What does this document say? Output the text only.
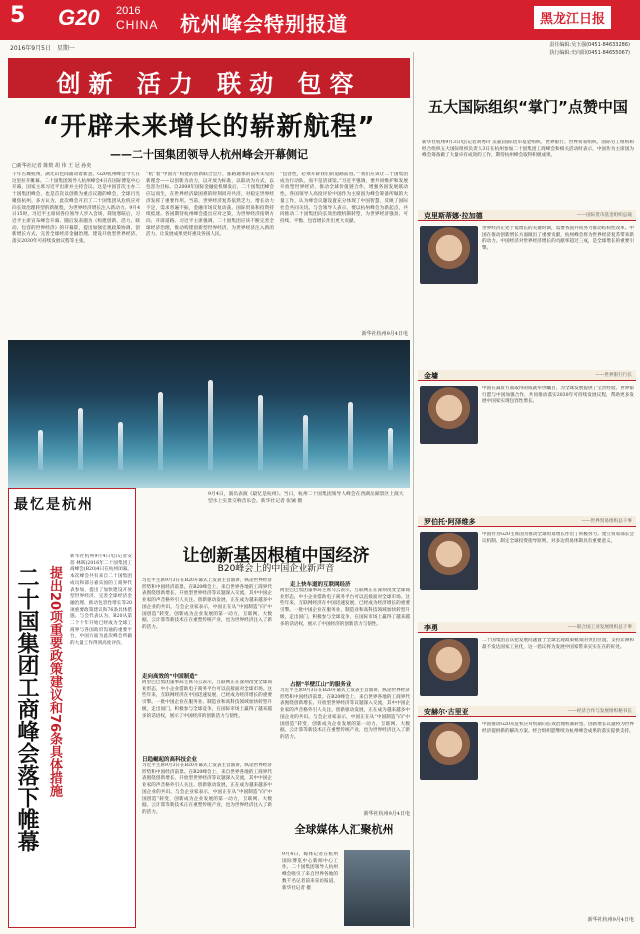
5 G20 2016
CHINA 杭州峰会特别报道	黑龙江日报
2016年9月5日　星期一	责任编辑:吴玉强(0451-84633286)
执行编辑:史向阳(0451-84655067)
创新 活力 联动 包容
“开辟未来增长的崭新航程”
——二十国集团领导人杭州峰会开幕侧记
□新华社记者 陈贽 胡 伟 王 冠 孙奕
千年古城杭州，湖光山色间涌动着新意，G20杭州峰会今天在这里拉开帷幕。二十国集团领导人杭州峰会4日在国际博览中心开幕，国家主席习近平出席并主持会议。这是中国首次主办二十国集团峰会，也是首次以创新为重点议题的峰会，全球目光聚焦杭州。多方认为，此次峰会开启了二十国集团从危机应对向长效治理转型的新航程，为世界经济增长注入新动力。9月4日15时，习近平主席同各位领导人步入会场，简短寒暄后，习近平主席宣布峰会开幕，随后发表题为《构建创新、活力、联动、包容的世界经济》的开幕辞，提出加强宏观政策协调、创新增长方式、完善全球经济金融治理、建设开放型世界经济、落实2030年可持续发展议程等主张。
“杭”着“中国方”构建的创新联合会厅，都路通承的前所未见的新理念——以创新为动力，以开放为标准，以联动为方式，以包容为目标。自2008年国际金融危机爆发后，二十国集团峰会应运而生，在世界经济最困难的时刻同舟共济，对稳定世界经济发挥了重要作用。当前，世界经济复苏依然乏力，增长动力不足，需求普遍不振，金融市场反复动荡，国际贸易和投资持续低迷。各国期待杭州峰会提出应对之策，为世界经济指明方向、开辟道路。习近平主席强调，二十国集团应该不断完善全球经济治理，推动构建创新型世界经济，为世界经济注入新的活力，让发展成果更好惠及各国人民。
“包容性，必须开辟我们的道路前进。”“我们应该让二十国集团成为行动队，而不是清谈馆。”习近平强调，要共同维护和发展开放型世界经济，推动全球价值链合作，增强各国发展联动性。各国领导人高度评价中国作为主席国为峰会筹备所做的大量工作，认为峰会议题设置充分体现了中国智慧，反映了国际社会共同关切。与会领导人表示，要以杭州峰会为新起点，共同推动二十国集团向长效治理机制转型，为世界经济强劲、可持续、平衡、包容增长作出更大贡献。
新华社杭州9月4日电
9月4日，演员表演《最忆是杭州》。当日，杭州二十国集团领导人峰会在西湖岳湖景区上演大型水上实景交响音乐会。新华社记者 张铖 摄
最忆是杭州
二十国集团工商峰会落下帷幕 提出20项重要政策建议和76条具体措施
新华社杭州9月4日电(记者安蓓 林晖)2016年二十国集团工商峰会(B20)4日在杭州闭幕。本次峰会共有来自二十国集团成员和部分嘉宾国的工商界代表参加，提出了加快建设开放型世界经济、完善全球经济金融治理、推动包容性增长等20项重要政策建议和76条具体措施。与会代表认为，B20从第二个十年开始已经成为全球工商界与各国政府沟通的重要平台，中国方面为此次峰会所做的大量工作得到高度评价。
让创新基因根植中国经济
B20峰会上的中国企业新声音
习近平主席9月3日在B20开幕式上发表主旨演讲，纵论世界经济形势和中国经济前景。在B20峰会上，来自世界各地的工商界代表围绕创新增长、开放型世界经济等议题深入交流，其中中国企业家的声音格外引人关注。创新驱动发展，正在成为越来越多中国企业的共识。与会企业家表示，中国正在从“中国制造”向“中国创造”转变，创新成为企业发展的第一动力，互联网、大数据、云计算等新技术正在重塑传统产业，也为世界经济注入了新的活力。
走向高效的“中国制造”
阿里巴巴集团董事局主席马云表示，互联网正在深刻改变全球商业形态，中小企业借助电子商务平台可以直接面对全球市场。这些年来，互联网经济在中国迅速发展，已经成为经济增长的重要引擎。一批中国企业在服务业、制造业和高科技领域加快转型升级，走出国门，积极参与全球竞争，在国际市场上赢得了越来越多的话语权，展示了中国经济的创新活力与韧性。
日趋崛起的高科技企业
习近平主席9月3日在B20开幕式上发表主旨演讲，纵论世界经济形势和中国经济前景。在B20峰会上，来自世界各地的工商界代表围绕创新增长、开放型世界经济等议题深入交流，其中中国企业家的声音格外引人关注。创新驱动发展，正在成为越来越多中国企业的共识。与会企业家表示，中国正在从“中国制造”向“中国创造”转变，创新成为企业发展的第一动力，互联网、大数据、云计算等新技术正在重塑传统产业，也为世界经济注入了新的活力。
走上快车道的互联网经济
阿里巴巴集团董事局主席马云表示，互联网正在深刻改变全球商业形态，中小企业借助电子商务平台可以直接面对全球市场。这些年来，互联网经济在中国迅速发展，已经成为经济增长的重要引擎。一批中国企业在服务业、制造业和高科技领域加快转型升级，走出国门，积极参与全球竞争，在国际市场上赢得了越来越多的话语权，展示了中国经济的创新活力与韧性。
占据“半壁江山”的服务业
习近平主席9月3日在B20开幕式上发表主旨演讲，纵论世界经济形势和中国经济前景。在B20峰会上，来自世界各地的工商界代表围绕创新增长、开放型世界经济等议题深入交流，其中中国企业家的声音格外引人关注。创新驱动发展，正在成为越来越多中国企业的共识。与会企业家表示，中国正在从“中国制造”向“中国创造”转变，创新成为企业发展的第一动力，互联网、大数据、云计算等新技术正在重塑传统产业，也为世界经济注入了新的活力。
新华社杭州9月4日电
全球媒体人汇聚杭州
9月4日，媒体记者在杭州国际博览中心新闻中心工作。二十国集团领导人杭州峰会吸引了来自世界各地的数千名记者前来采访报道。新华社记者 摄
五大国际组织“掌门”点赞中国
新华社杭州9月3日电(记者刘秀玲 吴嘉)国际货币基金组织、世界银行、世界贸易组织、国际劳工组织和经合组织五大国际组织负责人3日在杭州参加二十国集团工商峰会和相关活动时表示，中国作为主席国为峰会筹备做了大量卓有成效的工作，期待杭州峰会取得积极成果。
克里斯蒂娜·拉加德	——国际货币基金组织总裁
世界经济正处于低增长的关键时期，需要各国共同努力推动结构性改革。中国在推动创新增长方面做出了重要贡献，杭州峰会将为世界经济复苏带来新的动力。中国经济对世界经济增长的贡献率超过三成，是全球增长的重要引擎。
金墉	——世界银行行长
中国在减贫方面取得的成就举世瞩目，为全球发展提供了宝贵经验。世界银行愿与中国加强合作，共同推动落实2030年可持续发展议程，帮助更多发展中国家实现包容性增长。
罗伯托·阿泽维多	——世界贸易组织总干事
中国作为G20主席国为推动全球贸易增长作出了积极努力。建立贸易部长会议机制、制定全球投资指导原则，对多边贸易体制具有重要意义。
李勇	——联合国工业发展组织总干事
二十国集团首次把发展问题置于全球宏观政策框架的突出位置，支持非洲和最不发达国家工业化，这一倡议将为发展中国家带来实实在在的好处。
安赫尔·古里亚	——经济合作与发展组织秘书长
中国推动G20从危机应对机制向长效治理机制转型，创新增长议题将为世界经济提供新的解决方案。经合组织愿继续为杭州峰会成果的落实提供支持。
新华社杭州9月4日电
